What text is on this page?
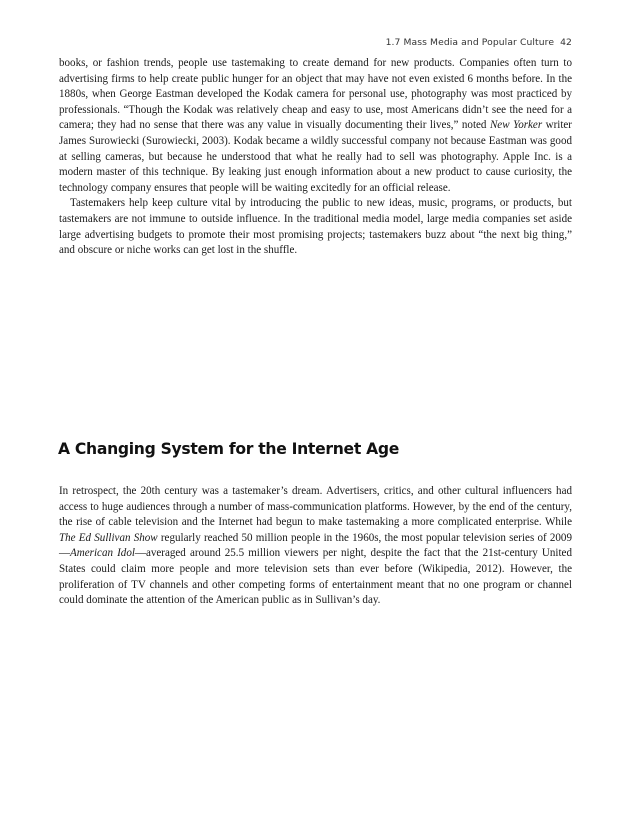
1.7 Mass Media and Popular Culture 42

books, or fashion trends, people use tastemaking to create demand for new products. Companies often turn to advertising firms to help create public hunger for an object that may have not even existed 6 months before. In the 1880s, when George Eastman developed the Kodak camera for personal use, photography was most practiced by professionals. “Though the Kodak was relatively cheap and easy to use, most Americans didn’t see the need for a camera; they had no sense that there was any value in visually documenting their lives,” noted New Yorker writer James Surowiecki (Surowiecki, 2003). Kodak became a wildly successful company not because Eastman was good at selling cameras, but because he understood that what he really had to sell was photography. Apple Inc. is a modern master of this technique. By leaking just enough information about a new product to cause curiosity, the technology company ensures that people will be waiting excitedly for an official release.

Tastemakers help keep culture vital by introducing the public to new ideas, music, programs, or products, but tastemakers are not immune to outside influence. In the traditional media model, large media companies set aside large advertising budgets to promote their most promising projects; tastemakers buzz about “the next big thing,” and obscure or niche works can get lost in the shuffle.

A Changing System for the Internet Age

In retrospect, the 20th century was a tastemaker’s dream. Advertisers, critics, and other cultural influencers had access to huge audiences through a number of mass-communication platforms. However, by the end of the century, the rise of cable television and the Internet had begun to make tastemaking a more complicated enterprise. While The Ed Sullivan Show regularly reached 50 million people in the 1960s, the most popular television series of 2009—American Idol—averaged around 25.5 million viewers per night, despite the fact that the 21st-century United States could claim more people and more television sets than ever before (Wikipedia, 2012). However, the proliferation of TV channels and other competing forms of entertainment meant that no one program or channel could dominate the attention of the American public as in Sullivan’s day.
